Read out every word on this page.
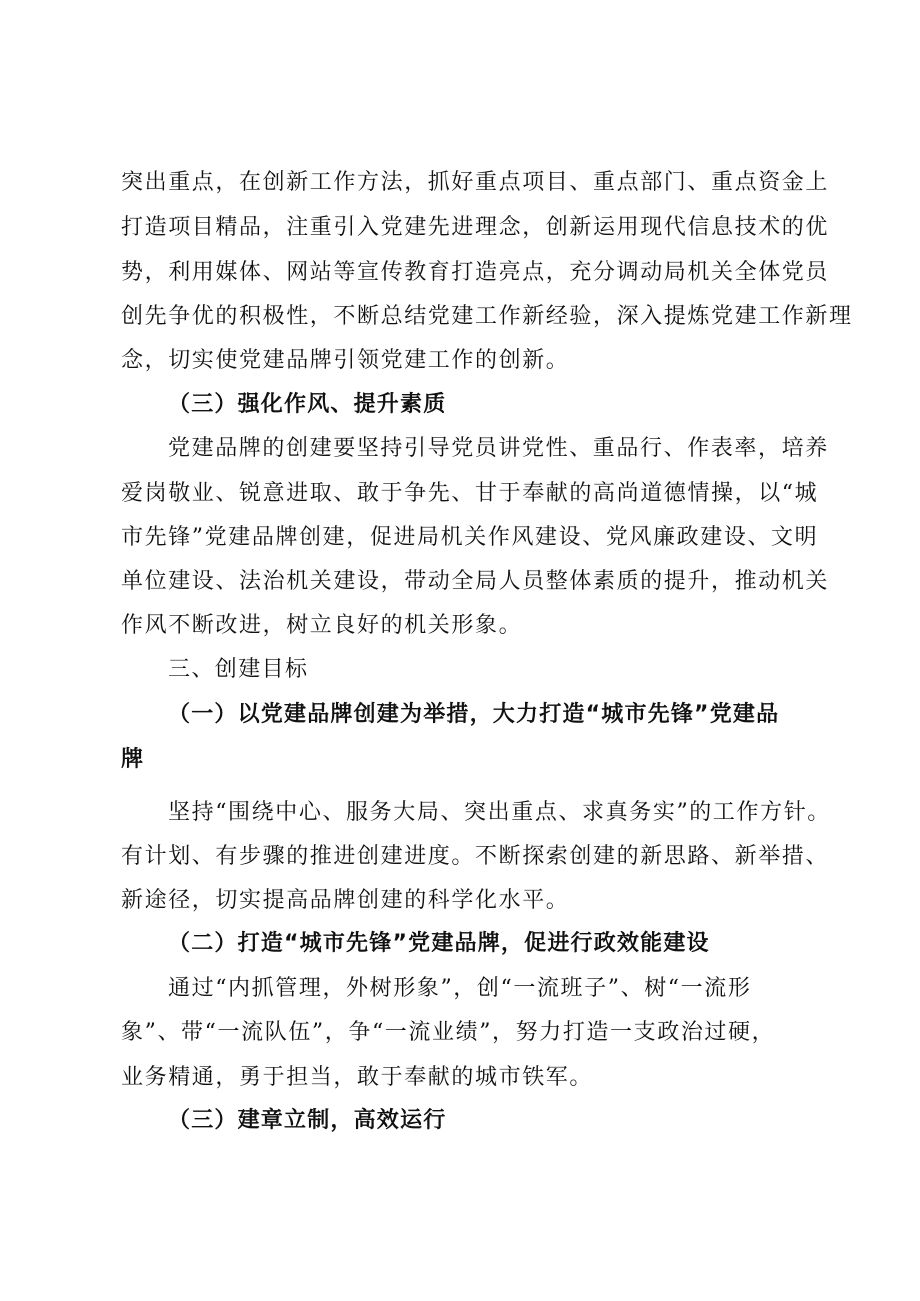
突出重点，在创新工作方法，抓好重点项目、重点部门、重点资金上
打造项目精品，注重引入党建先进理念，创新运用现代信息技术的优
势，利用媒体、网站等宣传教育打造亮点，充分调动局机关全体党员
创先争优的积极性，不断总结党建工作新经验，深入提炼党建工作新理
念，切实使党建品牌引领党建工作的创新。
（三）强化作风、提升素质
党建品牌的创建要坚持引导党员讲党性、重品行、作表率，培养
爱岗敬业、锐意进取、敢于争先、甘于奉献的高尚道德情操，以“城
市先锋”党建品牌创建，促进局机关作风建设、党风廉政建设、文明
单位建设、法治机关建设，带动全局人员整体素质的提升，推动机关
作风不断改进，树立良好的机关形象。
三、创建目标
（一）以党建品牌创建为举措，大力打造“城市先锋”党建品
牌
坚持“围绕中心、服务大局、突出重点、求真务实”的工作方针。
有计划、有步骤的推进创建进度。不断探索创建的新思路、新举措、
新途径，切实提高品牌创建的科学化水平。
（二）打造“城市先锋”党建品牌，促进行政效能建设
通过“内抓管理，外树形象”，创“一流班子”、树“一流形
象”、带“一流队伍”，争“一流业绩”，努力打造一支政治过硬，
业务精通，勇于担当，敢于奉献的城市铁军。
（三）建章立制，高效运行
